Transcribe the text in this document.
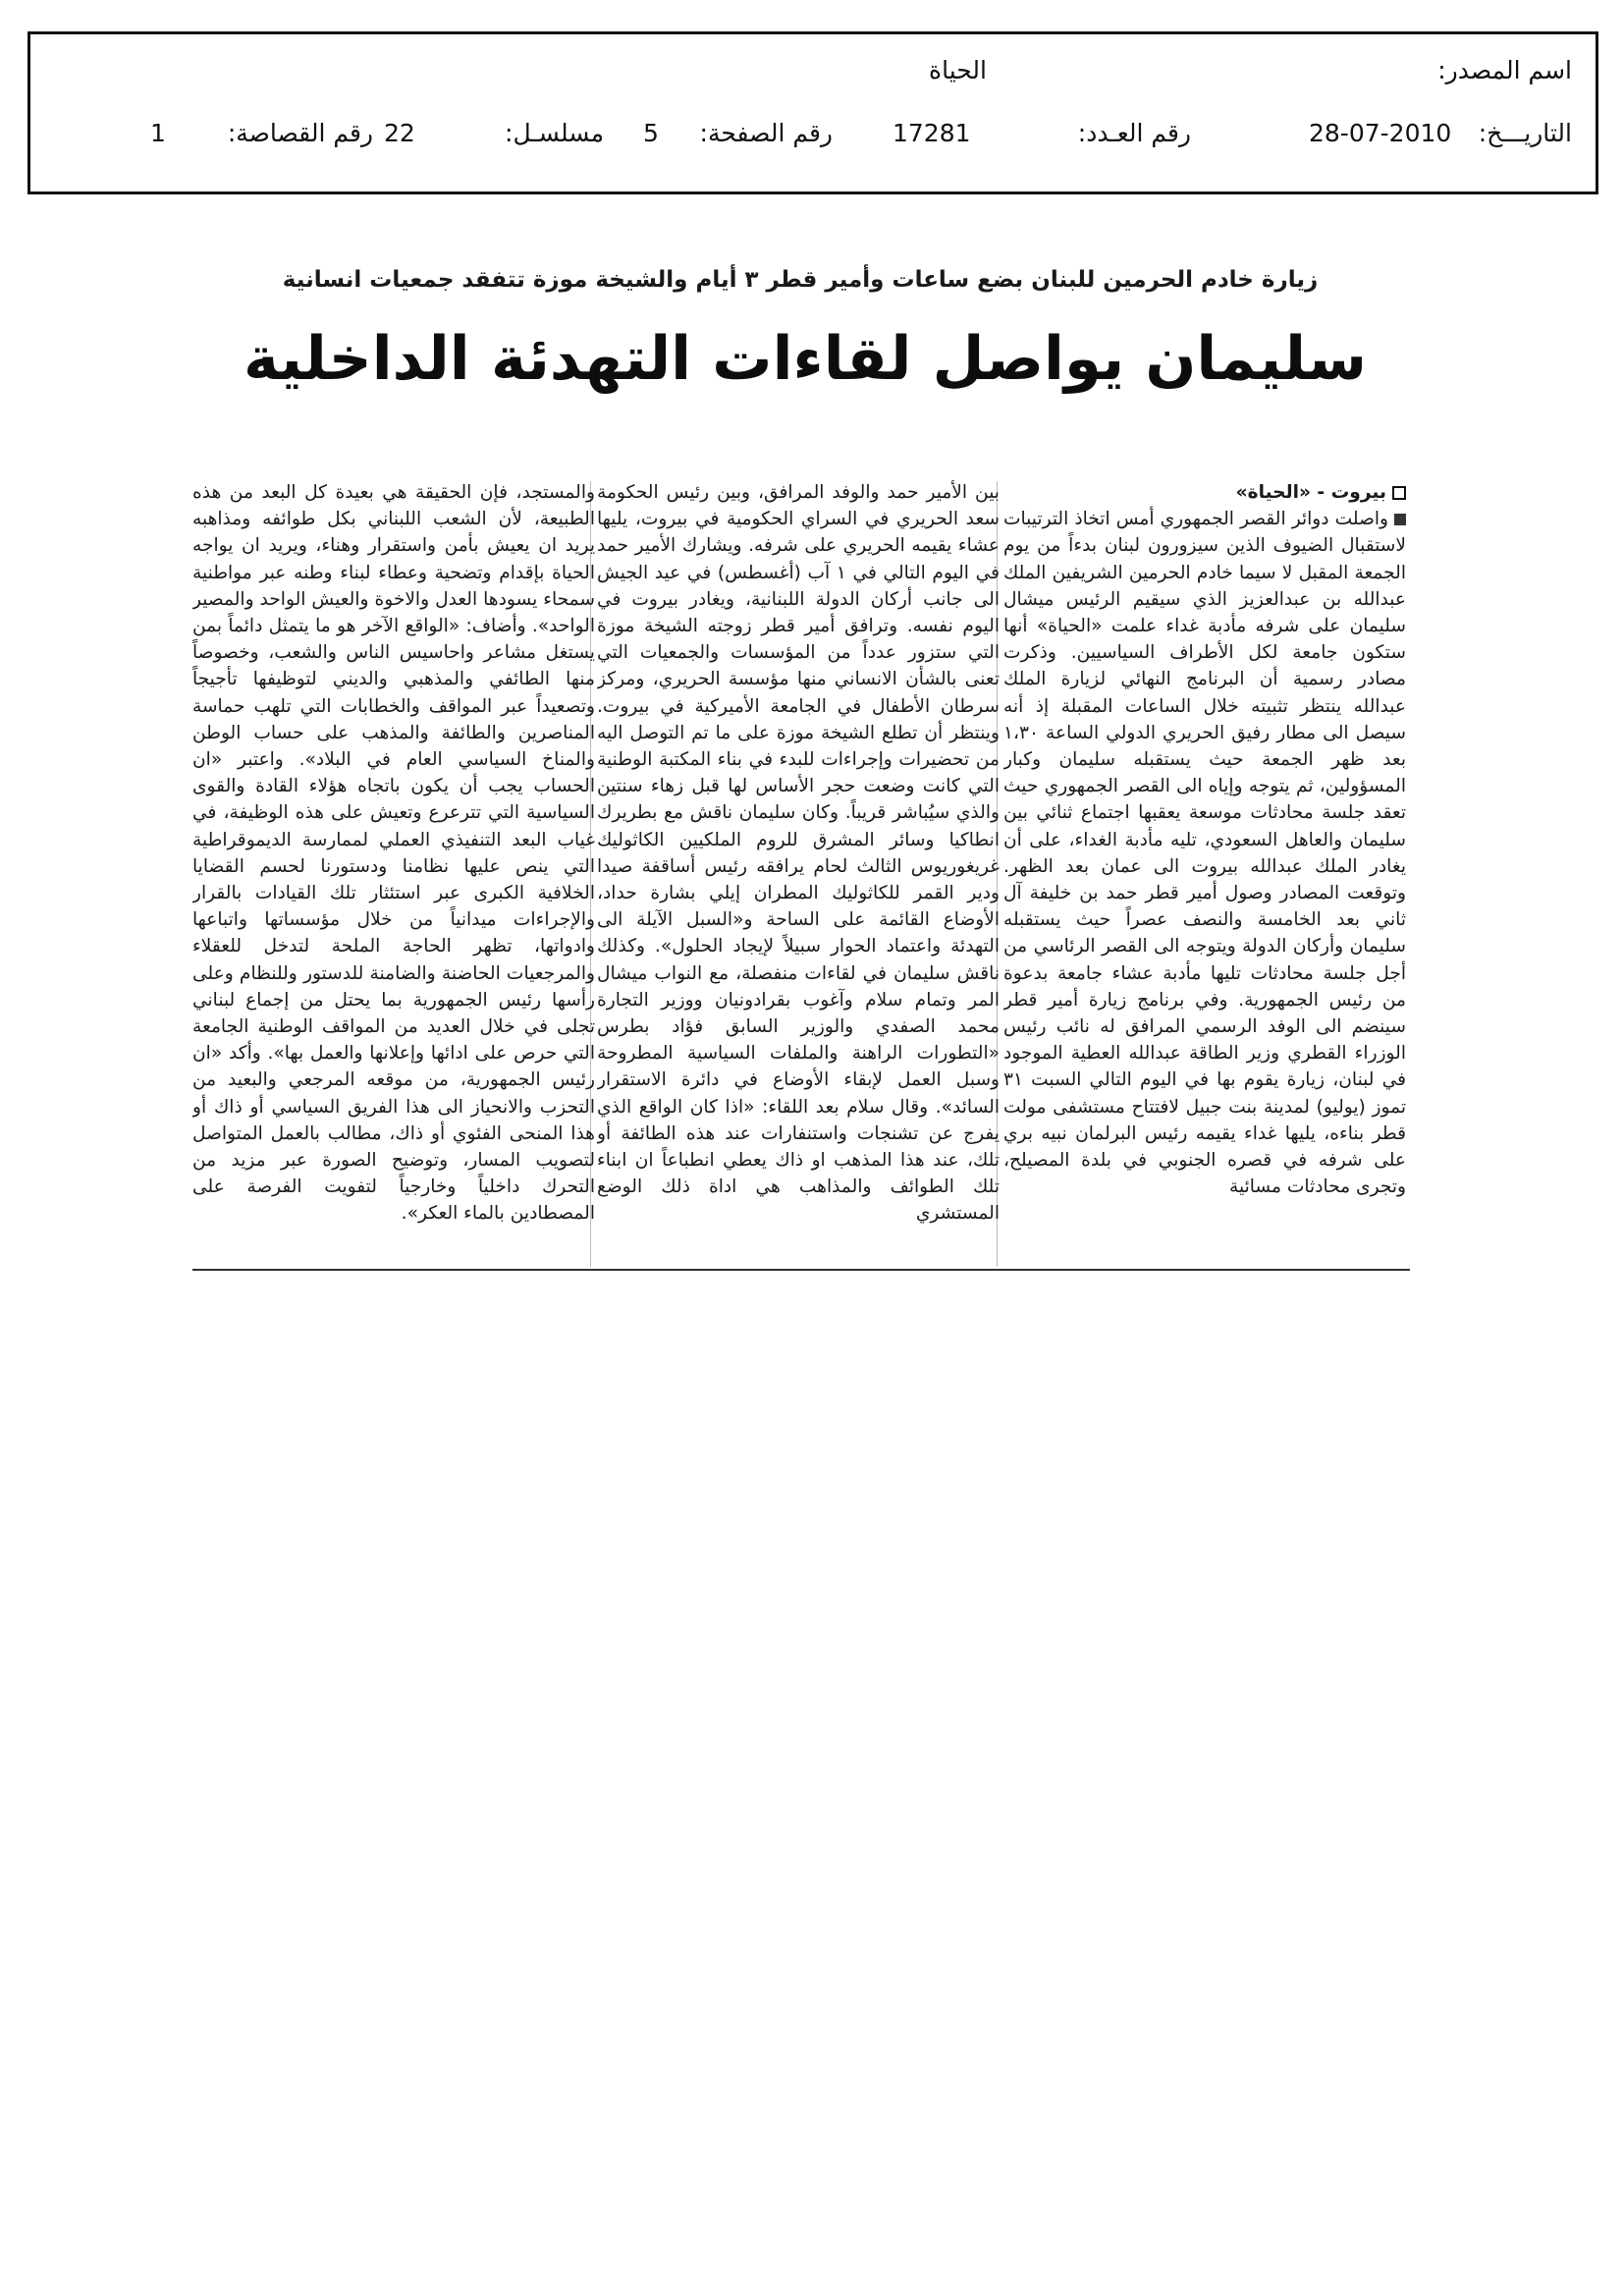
اسم المصدر:
الحياة
التاريـــخ:
28-07-2010
رقم العـدد:
17281
رقم الصفحة:
5
مسلسـل:
22
رقم القصاصة:
1
زيارة خادم الحرمين للبنان بضع ساعات وأمير قطر ٣ أيام والشيخة موزة تتفقد جمعيات انسانية
سليمان يواصل لقاءات التهدئة الداخلية

بيروت - «الحياة»

واصلت دوائر القصر الجمهوري أمس اتخاذ الترتيبات لاستقبال الضيوف الذين سيزورون لبنان بدءاً من يوم الجمعة المقبل لا سيما خادم الحرمين الشريفين الملك عبدالله بن عبدالعزيز الذي سيقيم الرئيس ميشال سليمان على شرفه مأدبة غداء علمت «الحياة» أنها ستكون جامعة لكل الأطراف السياسيين. وذكرت مصادر رسمية أن البرنامج النهائي لزيارة الملك عبدالله ينتظر تثبيته خلال الساعات المقبلة إذ أنه سيصل الى مطار رفيق الحريري الدولي الساعة ١،٣٠ بعد ظهر الجمعة حيث يستقبله سليمان وكبار المسؤولين، ثم يتوجه وإياه الى القصر الجمهوري حيث تعقد جلسة محادثات موسعة يعقبها اجتماع ثنائي بين سليمان والعاهل السعودي، تليه مأدبة الغداء، على أن يغادر الملك عبدالله بيروت الى عمان بعد الظهر. وتوقعت المصادر وصول أمير قطر حمد بن خليفة آل ثاني بعد الخامسة والنصف عصراً حيث يستقبله سليمان وأركان الدولة ويتوجه الى القصر الرئاسي من أجل جلسة محادثات تليها مأدبة عشاء جامعة بدعوة من رئيس الجمهورية. وفي برنامج زيارة أمير قطر سينضم الى الوفد الرسمي المرافق له نائب رئيس الوزراء القطري وزير الطاقة عبدالله العطية الموجود في لبنان، زيارة يقوم بها في اليوم التالي السبت ٣١ تموز (يوليو) لمدينة بنت جبيل لافتتاح مستشفى مولت قطر بناءه، يليها غداء يقيمه رئيس البرلمان نبيه بري على شرفه في قصره الجنوبي في بلدة المصيلح، وتجرى محادثات مسائية

بين الأمير حمد والوفد المرافق، وبين رئيس الحكومة سعد الحريري في السراي الحكومية في بيروت، يليها عشاء يقيمه الحريري على شرفه. ويشارك الأمير حمد في اليوم التالي في ١ آب (أغسطس) في عيد الجيش الى جانب أركان الدولة اللبنانية، ويغادر بيروت في اليوم نفسه. وترافق أمير قطر زوجته الشيخة موزة التي ستزور عدداً من المؤسسات والجمعيات التي تعنى بالشأن الانساني منها مؤسسة الحريري، ومركز سرطان الأطفال في الجامعة الأميركية في بيروت. وينتظر أن تطلع الشيخة موزة على ما تم التوصل اليه من تحضيرات وإجراءات للبدء في بناء المكتبة الوطنية التي كانت وضعت حجر الأساس لها قبل زهاء سنتين والذي سيُباشر قريباً. وكان سليمان ناقش مع بطريرك انطاكيا وسائر المشرق للروم الملكيين الكاثوليك غريغوريوس الثالث لحام يرافقه رئيس أساقفة صيدا ودير القمر للكاثوليك المطران إيلي بشارة حداد، الأوضاع القائمة على الساحة و«السبل الآيلة الى التهدئة واعتماد الحوار سبيلاً لإيجاد الحلول». وكذلك ناقش سليمان في لقاءات منفصلة، مع النواب ميشال المر وتمام سلام وآغوب بقرادونيان ووزير التجارة محمد الصفدي والوزير السابق فؤاد بطرس «التطورات الراهنة والملفات السياسية المطروحة وسبل العمل لإبقاء الأوضاع في دائرة الاستقرار السائد». وقال سلام بعد اللقاء: «اذا كان الواقع الذي يفرج عن تشنجات واستنفارات عند هذه الطائفة أو تلك، عند هذا المذهب او ذاك يعطي انطباعاً ان ابناء تلك الطوائف والمذاهب هي اداة ذلك الوضع المستشري

والمستجد، فإن الحقيقة هي بعيدة كل البعد من هذه الطبيعة، لأن الشعب اللبناني بكل طوائفه ومذاهبه يريد ان يعيش بأمن واستقرار وهناء، ويريد ان يواجه الحياة بإقدام وتضحية وعطاء لبناء وطنه عبر مواطنية سمحاء يسودها العدل والاخوة والعيش الواحد والمصير الواحد». وأضاف: «الواقع الآخر هو ما يتمثل دائماً بمن يستغل مشاعر واحاسيس الناس والشعب، وخصوصاً منها الطائفي والمذهبي والديني لتوظيفها تأجيجاً وتصعيداً عبر المواقف والخطابات التي تلهب حماسة المناصرين والطائفة والمذهب على حساب الوطن والمناخ السياسي العام في البلاد». واعتبر «ان الحساب يجب أن يكون باتجاه هؤلاء القادة والقوى السياسية التي تترعرع وتعيش على هذه الوظيفة، في غياب البعد التنفيذي العملي لممارسة الديموقراطية التي ينص عليها نظامنا ودستورنا لحسم القضايا الخلافية الكبرى عبر استئثار تلك القيادات بالقرار والإجراءات ميدانياً من خلال مؤسساتها واتباعها وادواتها، تظهر الحاجة الملحة لتدخل للعقلاء والمرجعيات الحاضنة والضامنة للدستور وللنظام وعلى رأسها رئيس الجمهورية بما يحتل من إجماع لبناني تجلى في خلال العديد من المواقف الوطنية الجامعة التي حرص على ادائها وإعلانها والعمل بها». وأكد «ان رئيس الجمهورية، من موقعه المرجعي والبعيد من التحزب والانحياز الى هذا الفريق السياسي أو ذاك أو هذا المنحى الفئوي أو ذاك، مطالب بالعمل المتواصل لتصويب المسار، وتوضيح الصورة عبر مزيد من التحرك داخلياً وخارجياً لتفويت الفرصة على المصطادين بالماء العكر».
